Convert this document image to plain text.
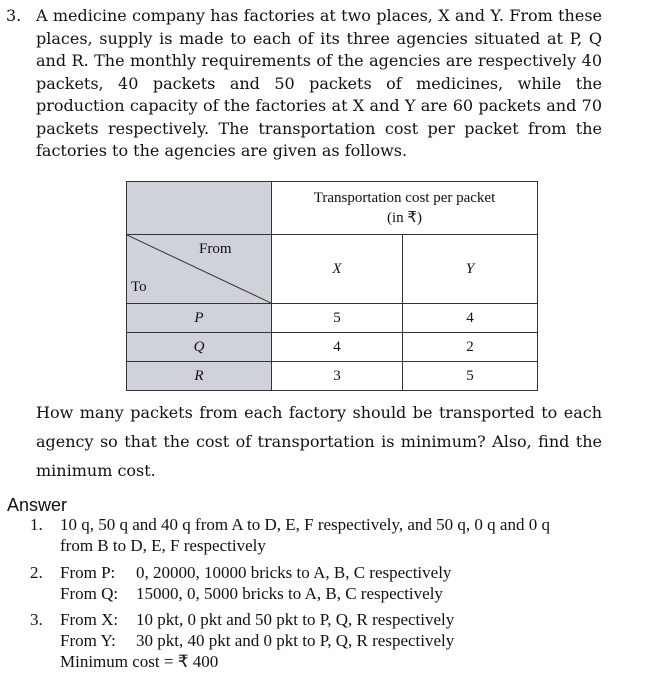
3. A medicine company has factories at two places, X and Y. From these places, supply is made to each of its three agencies situated at P, Q and R. The monthly requirements of the agencies are respectively 40 packets, 40 packets and 50 packets of medicines, while the production capacity of the factories at X and Y are 60 packets and 70 packets respectively. The transportation cost per packet from the factories to the agencies are given as follows.

	Transportation cost per packet
(in ₹)	

From
To	X	Y
P	5	4
Q	4	2
R	3	5
How many packets from each factory should be transported to each agency so that the cost of transportation is minimum? Also, find the minimum cost.
Answer
1. 10 q, 50 q and 40 q from A to D, E, F respectively, and 50 q, 0 q and 0 q
from B to D, E, F respectively
2. From P: 0, 20000, 10000 bricks to A, B, C respectively
From Q: 15000, 0, 5000 bricks to A, B, C respectively
3. From X: 10 pkt, 0 pkt and 50 pkt to P, Q, R respectively
From Y: 30 pkt, 40 pkt and 0 pkt to P, Q, R respectively
Minimum cost = ₹ 400
